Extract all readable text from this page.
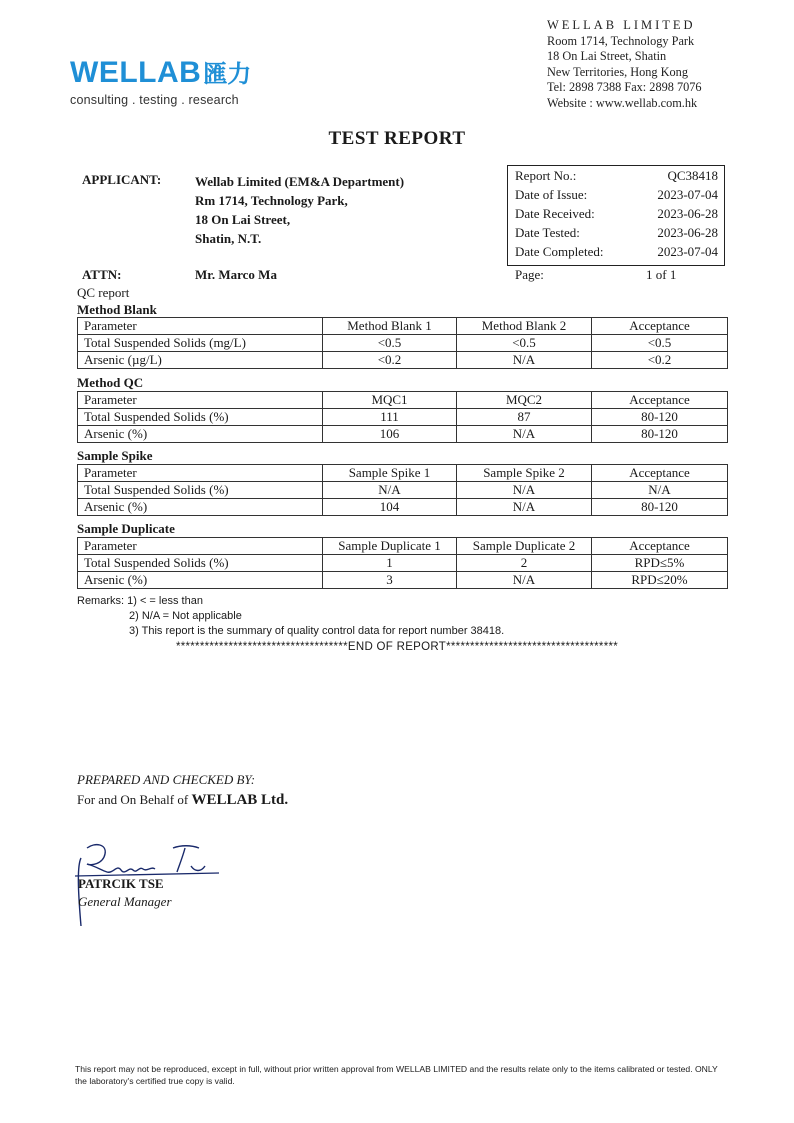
WELLAB匯力
consulting . testing . research
WELLAB LIMITED
Room 1714, Technology Park
18 On Lai Street, Shatin
New Territories, Hong Kong
Tel: 2898 7388 Fax: 2898 7076
Website : www.wellab.com.hk
TEST REPORT
APPLICANT:	Wellab Limited (EM&A Department)
Rm 1714, Technology Park,
18 On Lai Street,
Shatin, N.T.
ATTN:	Mr. Marco Ma
Report No.:	QC38418
Date of Issue:	2023-07-04
Date Received:	2023-06-28
Date Tested:	2023-06-28
Date Completed:	2023-07-04
Page:	1 of 1
QC report
Method Blank
Parameter	Method Blank 1	Method Blank 2	Acceptance
Total Suspended Solids (mg/L)	<0.5	<0.5	<0.5
Arsenic (µg/L)	<0.2	N/A	<0.2
Method QC
Parameter	MQC1	MQC2	Acceptance
Total Suspended Solids (%)	111	87	80-120
Arsenic (%)	106	N/A	80-120
Sample Spike
Parameter	Sample Spike 1	Sample Spike 2	Acceptance
Total Suspended Solids (%)	N/A	N/A	N/A
Arsenic (%)	104	N/A	80-120
Sample Duplicate
Parameter	Sample Duplicate 1	Sample Duplicate 2	Acceptance
Total Suspended Solids (%)	1	2	RPD≤5%
Arsenic (%)	3	N/A	RPD≤20%
Remarks: 1) < = less than
2) N/A = Not applicable
3) This report is the summary of quality control data for report number 38418.
************************************END OF REPORT************************************
PREPARED AND CHECKED BY:
For and On Behalf of WELLAB Ltd.
PATRCIK TSE
General Manager
This report may not be reproduced, except in full, without prior written approval from WELLAB LIMITED and the results relate only to the items calibrated or tested. ONLY the laboratory's certified true copy is valid.
